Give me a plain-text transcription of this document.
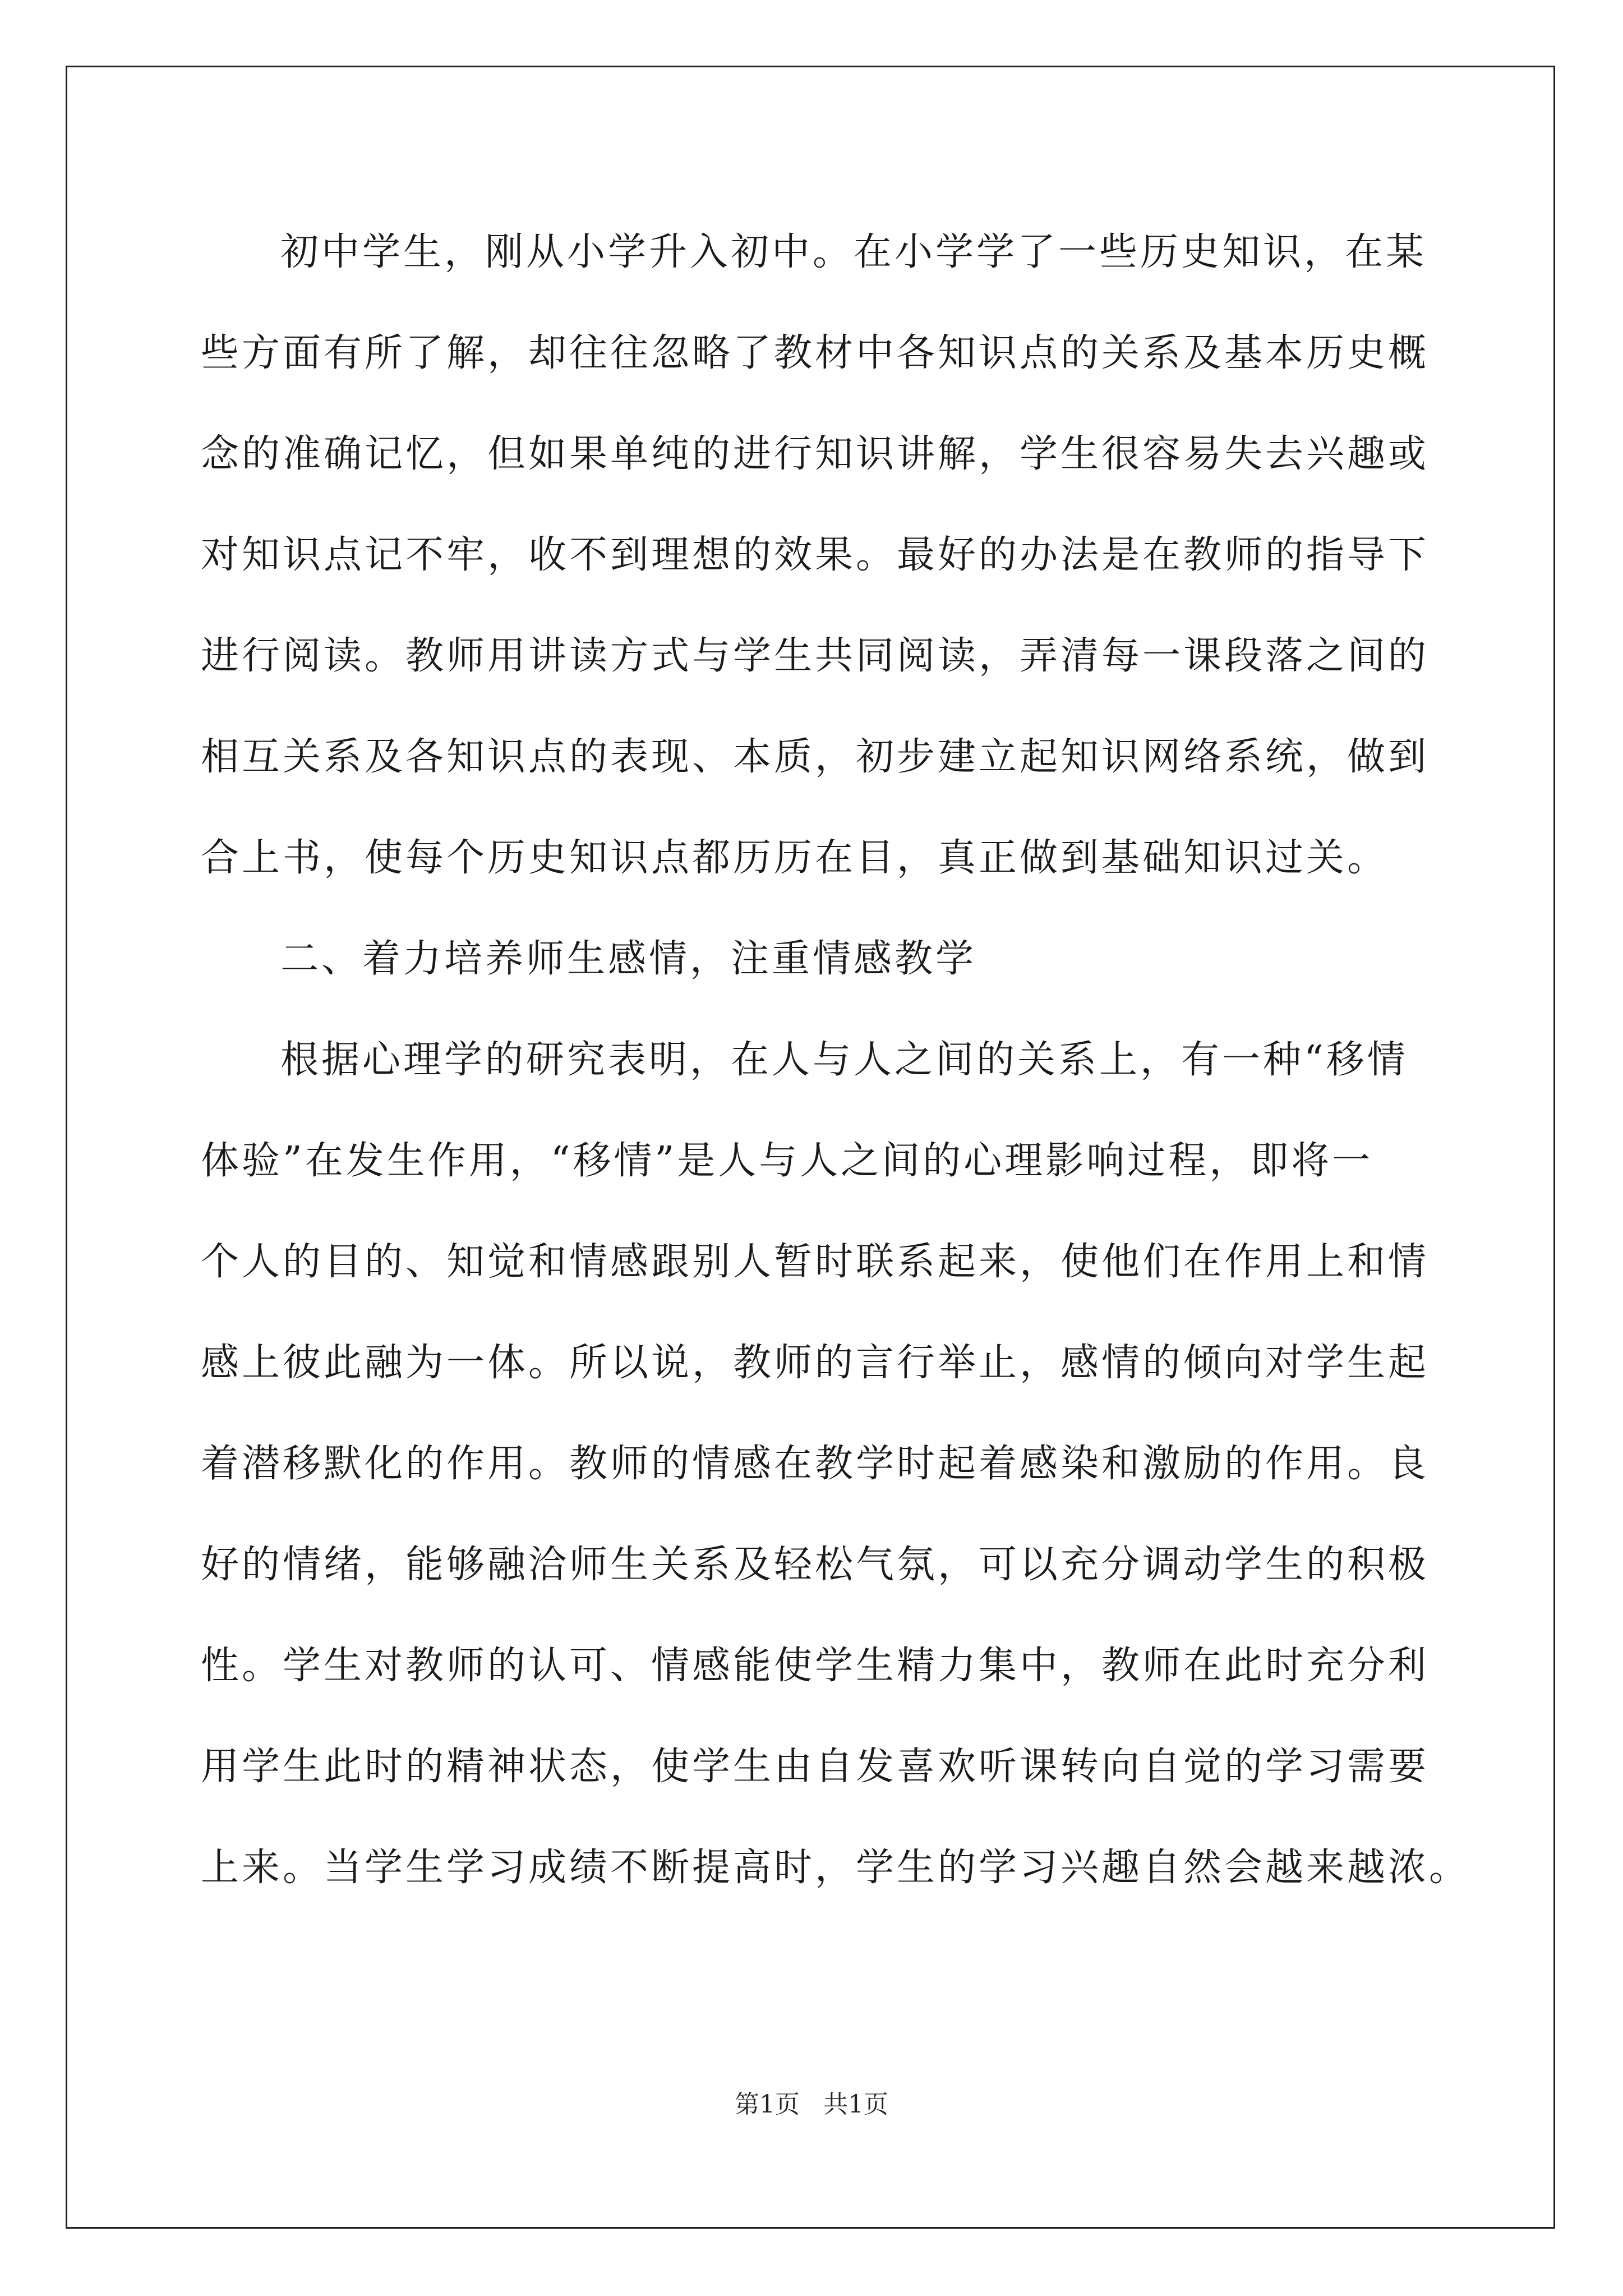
初中学生，刚从小学升入初中。在小学学了一些历史知识，在某
些方面有所了解，却往往忽略了教材中各知识点的关系及基本历史概
念的准确记忆，但如果单纯的进行知识讲解，学生很容易失去兴趣或
对知识点记不牢，收不到理想的效果。最好的办法是在教师的指导下
进行阅读。教师用讲读方式与学生共同阅读，弄清每一课段落之间的
相互关系及各知识点的表现、本质，初步建立起知识网络系统，做到
合上书，使每个历史知识点都历历在目，真正做到基础知识过关。
二、着力培养师生感情，注重情感教学
根据心理学的研究表明，在人与人之间的关系上，有一种“移情
体验”在发生作用，“移情”是人与人之间的心理影响过程，即将一
个人的目的、知觉和情感跟别人暂时联系起来，使他们在作用上和情
感上彼此融为一体。所以说，教师的言行举止，感情的倾向对学生起
着潜移默化的作用。教师的情感在教学时起着感染和激励的作用。良
好的情绪，能够融洽师生关系及轻松气氛，可以充分调动学生的积极
性。学生对教师的认可、情感能使学生精力集中，教师在此时充分利
用学生此时的精神状态，使学生由自发喜欢听课转向自觉的学习需要
上来。当学生学习成绩不断提高时，学生的学习兴趣自然会越来越浓。
第1页   共1页
